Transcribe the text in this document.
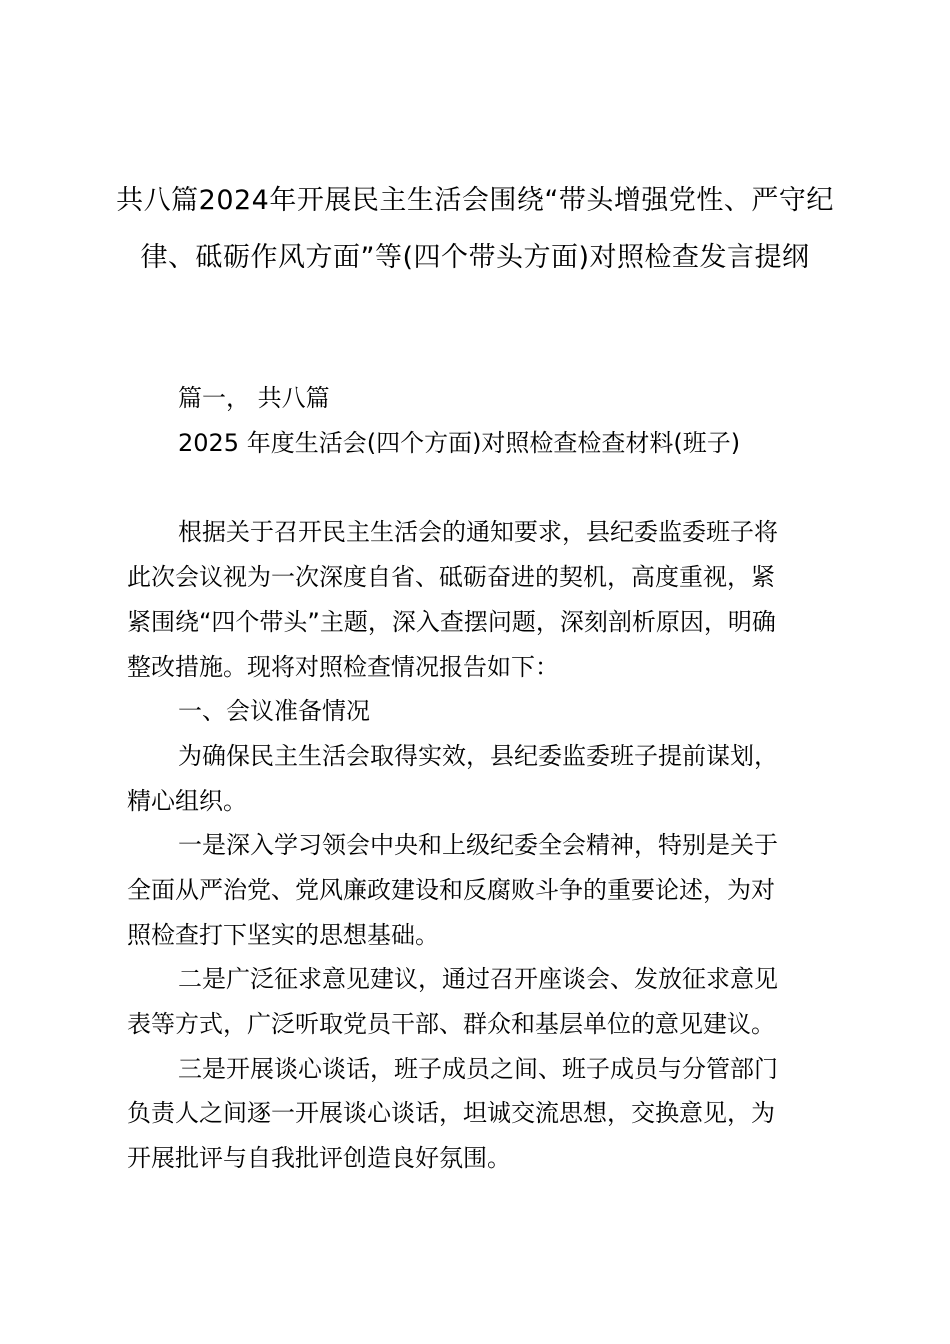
共八篇2024年开展民主生活会围绕“带头增强党性、严守纪律、砥砺作风方面”等(四个带头方面)对照检查发言提纲

篇一， 共八篇

2025 年度生活会(四个方面)对照检查检查材料(班子)

根据关于召开民主生活会的通知要求，县纪委监委班子将

此次会议视为一次深度自省、砥砺奋进的契机，高度重视，紧

紧围绕“四个带头”主题，深入查摆问题，深刻剖析原因，明确

整改措施。现将对照检查情况报告如下：

一、会议准备情况

为确保民主生活会取得实效，县纪委监委班子提前谋划，

精心组织。

一是深入学习领会中央和上级纪委全会精神，特别是关于

全面从严治党、党风廉政建设和反腐败斗争的重要论述，为对

照检查打下坚实的思想基础。

二是广泛征求意见建议，通过召开座谈会、发放征求意见

表等方式，广泛听取党员干部、群众和基层单位的意见建议。

三是开展谈心谈话，班子成员之间、班子成员与分管部门

负责人之间逐一开展谈心谈话，坦诚交流思想，交换意见，为

开展批评与自我批评创造良好氛围。
